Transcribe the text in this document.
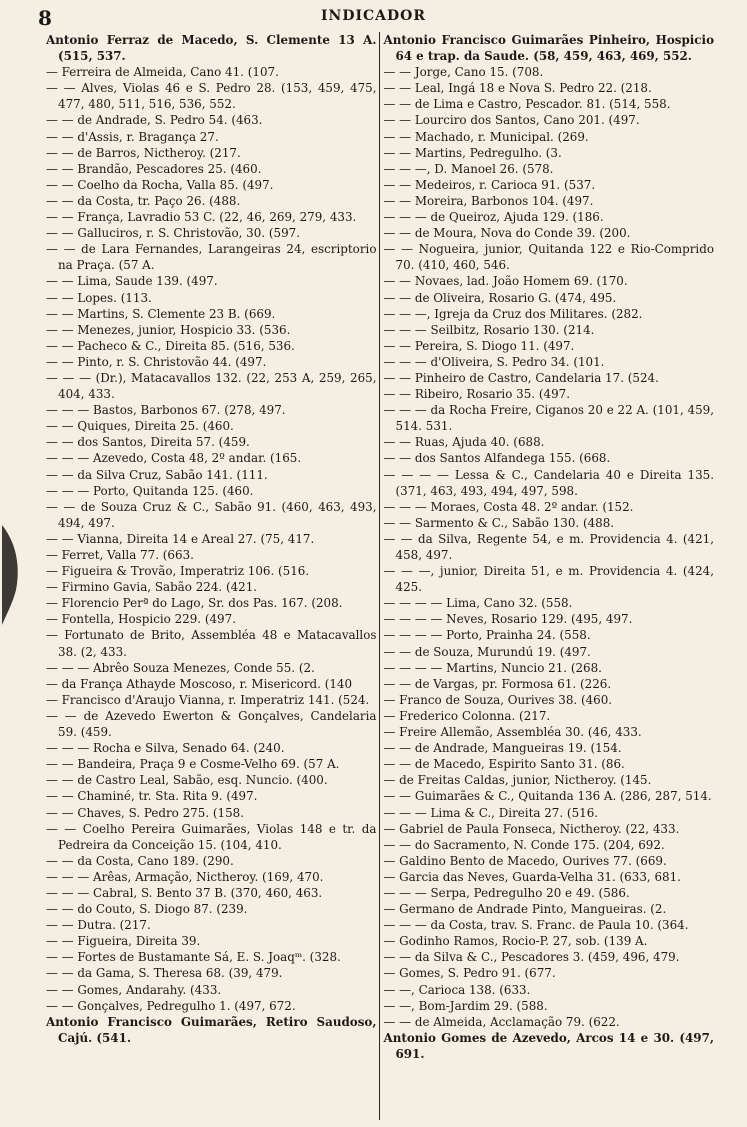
8	INDICADOR

Antonio Ferraz de Macedo, S. Clemente 13 A. (515, 537.

— Ferreira de Almeida, Cano 41. (107.

— — Alves, Violas 46 e S. Pedro 28. (153, 459, 475, 477, 480, 511, 516, 536, 552.

— — de Andrade, S. Pedro 54. (463.

— — d'Assis, r. Bragança 27.

— — de Barros, Nictheroy. (217.

— — Brandão, Pescadores 25. (460.

— — Coelho da Rocha, Valla 85. (497.

— — da Costa, tr. Paço 26. (488.

— — França, Lavradio 53 C. (22, 46, 269, 279, 433.

— — Galluciros, r. S. Christovão, 30. (597.

— — de Lara Fernandes, Larangeiras 24, escriptorio na Praça. (57 A.

— — Lima, Saude 139. (497.

— — Lopes. (113.

— — Martins, S. Clemente 23 B. (669.

— — Menezes, junior, Hospicio 33. (536.

— — Pacheco & C., Direita 85. (516, 536.

— — Pinto, r. S. Christovão 44. (497.

— — — (Dr.), Matacavallos 132. (22, 253 A, 259, 265, 404, 433.

— — — Bastos, Barbonos 67. (278, 497.

— — Quiques, Direita 25. (460.

— — dos Santos, Direita 57. (459.

— — — Azevedo, Costa 48, 2º andar. (165.

— — da Silva Cruz, Sabão 141. (111.

— — — Porto, Quitanda 125. (460.

— — de Souza Cruz & C., Sabão 91. (460, 463, 493, 494, 497.

— — Vianna, Direita 14 e Areal 27. (75, 417.

— Ferret, Valla 77. (663.

— Figueira & Trovão, Imperatriz 106. (516.

— Firmino Gavia, Sabão 224. (421.

— Florencio Perª do Lago, Sr. dos Pas. 167. (208.

— Fontella, Hospicio 229. (497.

— Fortunato de Brito, Assembléa 48 e Matacavallos 38. (2, 433.

— — — Abrêo Souza Menezes, Conde 55. (2.

— da França Athayde Moscoso, r. Misericord. (140

— Francisco d'Araujo Vianna, r. Imperatriz 141. (524.

— — de Azevedo Ewerton & Gonçalves, Candelaria 59. (459.

— — — Rocha e Silva, Senado 64. (240.

— — Bandeira, Praça 9 e Cosme-Velho 69. (57 A.

— — de Castro Leal, Sabão, esq. Nuncio. (400.

— — Chaminé, tr. Sta. Rita 9. (497.

— — Chaves, S. Pedro 275. (158.

— — Coelho Pereira Guimarães, Violas 148 e tr. da Pedreira da Conceição 15. (104, 410.

— — da Costa, Cano 189. (290.

— — — Arêas, Armação, Nictheroy. (169, 470.

— — — Cabral, S. Bento 37 B. (370, 460, 463.

— — do Couto, S. Diogo 87. (239.

— — Dutra. (217.

— — Figueira, Direita 39.

— — Fortes de Bustamante Sá, E. S. Joaqᵐ. (328.

— — da Gama, S. Theresa 68. (39, 479.

— — Gomes, Andarahy. (433.

— — Gonçalves, Pedregulho 1. (497, 672.

Antonio Francisco Guimarães, Retiro Saudoso, Cajú. (541.

Antonio Francisco Guimarães Pinheiro, Hospicio 64 e trap. da Saude. (58, 459, 463, 469, 552.

— — Jorge, Cano 15. (708.

— — Leal, Ingá 18 e Nova S. Pedro 22. (218.

— — de Lima e Castro, Pescador. 81. (514, 558.

— — Lourciro dos Santos, Cano 201. (497.

— — Machado, r. Municipal. (269.

— — Martins, Pedregulho. (3.

— — —, D. Manoel 26. (578.

— — Medeiros, r. Carioca 91. (537.

— — Moreira, Barbonos 104. (497.

— — — de Queiroz, Ajuda 129. (186.

— — de Moura, Nova do Conde 39. (200.

— — Nogueira, junior, Quitanda 122 e Rio-Comprido 70. (410, 460, 546.

— — Novaes, lad. João Homem 69. (170.

— — de Oliveira, Rosario G. (474, 495.

— — —, Igreja da Cruz dos Militares. (282.

— — — Seilbitz, Rosario 130. (214.

— — Pereira, S. Diogo 11. (497.

— — — d'Oliveira, S. Pedro 34. (101.

— — Pinheiro de Castro, Candelaria 17. (524.

— — Ribeiro, Rosario 35. (497.

— — — da Rocha Freire, Ciganos 20 e 22 A. (101, 459, 514. 531.

— — Ruas, Ajuda 40. (688.

— — dos Santos Alfandega 155. (668.

— — — — Lessa & C., Candelaria 40 e Direita 135. (371, 463, 493, 494, 497, 598.

— — — Moraes, Costa 48. 2º andar. (152.

— — Sarmento & C., Sabão 130. (488.

— — da Silva, Regente 54, e m. Providencia 4. (421, 458, 497.

— — —, junior, Direita 51, e m. Providencia 4. (424, 425.

— — — — Lima, Cano 32. (558.

— — — — Neves, Rosario 129. (495, 497.

— — — — Porto, Prainha 24. (558.

— — de Souza, Murundú 19. (497.

— — — — Martins, Nuncio 21. (268.

— — de Vargas, pr. Formosa 61. (226.

— Franco de Souza, Ourives 38. (460.

— Frederico Colonna. (217.

— Freire Allemão, Assembléa 30. (46, 433.

— — de Andrade, Mangueiras 19. (154.

— — de Macedo, Espirito Santo 31. (86.

— de Freitas Caldas, junior, Nictheroy. (145.

— — Guimarães & C., Quitanda 136 A. (286, 287, 514.

— — — Lima & C., Direita 27. (516.

— Gabriel de Paula Fonseca, Nictheroy. (22, 433.

— — do Sacramento, N. Conde 175. (204, 692.

— Galdino Bento de Macedo, Ourives 77. (669.

— Garcia das Neves, Guarda-Velha 31. (633, 681.

— — — Serpa, Pedregulho 20 e 49. (586.

— Germano de Andrade Pinto, Mangueiras. (2.

— — — da Costa, trav. S. Franc. de Paula 10. (364.

— Godinho Ramos, Rocio-P. 27, sob. (139 A.

— — da Silva & C., Pescadores 3. (459, 496, 479.

— Gomes, S. Pedro 91. (677.

— —, Carioca 138. (633.

— —, Bom-Jardim 29. (588.

— — de Almeida, Acclamação 79. (622.

Antonio Gomes de Azevedo, Arcos 14 e 30. (497, 691.
